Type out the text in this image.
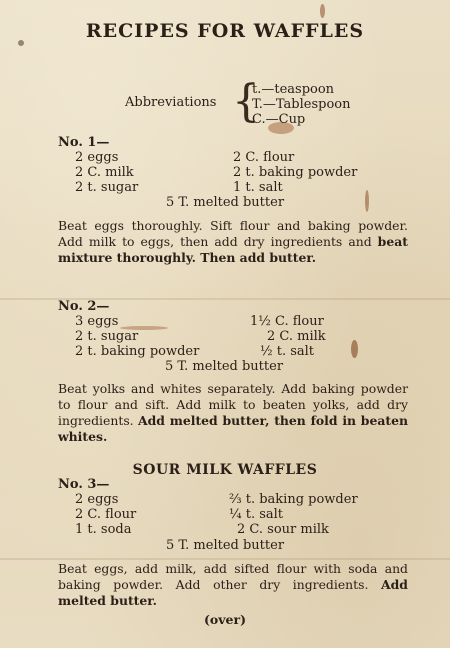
RECIPES FOR WAFFLES
Abbreviations {
t.—teaspoon
T.—Tablespoon
C.—Cup
No. 1—
2 eggs
2 C. milk
2 t. sugar
2 C. flour
2 t. baking powder
1 t. salt
5 T. melted butter
Beat eggs thoroughly. Sift flour and baking powder. Add milk to eggs, then add dry ingredients and beat mixture thoroughly. Then add butter.
No. 2—
3 eggs
2 t. sugar
2 t. baking powder
1½ C. flour
2 C. milk
½ t. salt
5 T. melted butter
Beat yolks and whites separately. Add baking powder to flour and sift. Add milk to beaten yolks, add dry ingredients. Add melted butter, then fold in beaten whites.
SOUR MILK WAFFLES
No. 3—
2 eggs
2 C. flour
1 t. soda
⅔ t. baking powder
¼ t. salt
2 C. sour milk
5 T. melted butter
Beat eggs, add milk, add sifted flour with soda and baking powder. Add other dry ingredients. Add melted butter.
(over)
